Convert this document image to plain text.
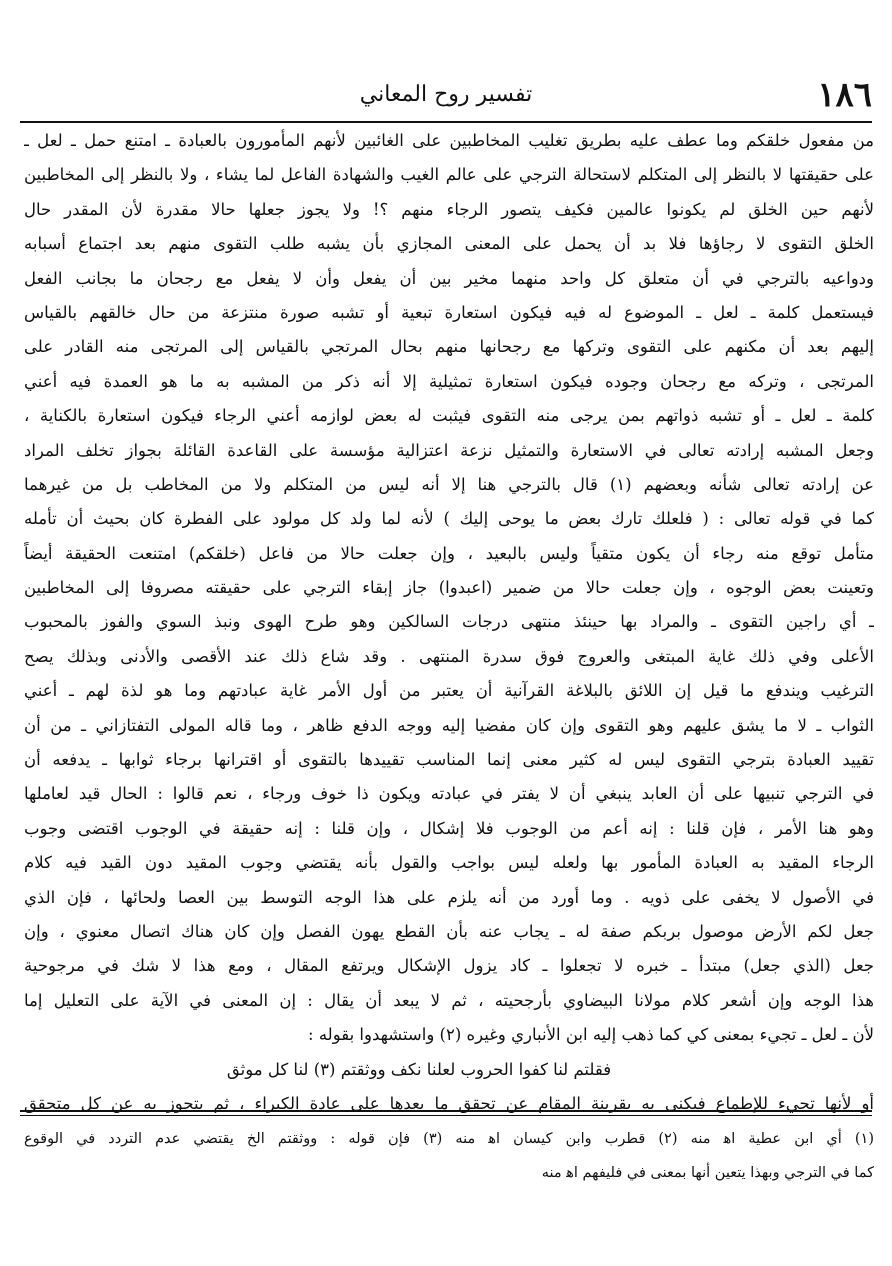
١٨٦
تفسير روح المعاني
من مفعول خلقكم وما عطف عليه بطريق تغليب المخاطبين على الغائبين لأنهم المأمورون بالعبادة ـ امتنع حمل ـ لعل ـ
على حقيقتها لا بالنظر إلى المتكلم لاستحالة الترجي على عالم الغيب والشهادة الفاعل لما يشاء ، ولا بالنظر إلى المخاطبين
لأنهم حين الخلق لم يكونوا عالمين فكيف يتصور الرجاء منهم ؟! ولا يجوز جعلها حالا مقدرة لأن المقدر حال
الخلق التقوى لا رجاؤها فلا بد أن يحمل على المعنى المجازي بأن يشبه طلب التقوى منهم بعد اجتماع أسبابه
ودواعيه بالترجي في أن متعلق كل واحد منهما مخير بين أن يفعل وأن لا يفعل مع رجحان ما بجانب الفعل
فيستعمل كلمة ـ لعل ـ الموضوع له فيه فيكون استعارة تبعية أو تشبه صورة منتزعة من حال خالقهم بالقياس
إليهم بعد أن مكنهم على التقوى وتركها مع رجحانها منهم بحال المرتجي بالقياس إلى المرتجى منه القادر على
المرتجى ، وتركه مع رجحان وجوده فيكون استعارة تمثيلية إلا أنه ذكر من المشبه به ما هو العمدة فيه أعني
كلمة ـ لعل ـ أو تشبه ذواتهم بمن يرجى منه التقوى فيثبت له بعض لوازمه أعني الرجاء فيكون استعارة بالكناية ،
وجعل المشبه إرادته تعالى في الاستعارة والتمثيل نزعة اعتزالية مؤسسة على القاعدة القائلة بجواز تخلف المراد
عن إرادته تعالى شأنه وبعضهم (١) قال بالترجي هنا إلا أنه ليس من المتكلم ولا من المخاطب بل من غيرهما
كما في قوله تعالى : ( فلعلك تارك بعض ما يوحى إليك ) لأنه لما ولد كل مولود على الفطرة كان بحيث أن تأمله
متأمل توقع منه رجاء أن يكون متقياً وليس بالبعيد ، وإن جعلت حالا من فاعل (خلقكم) امتنعت الحقيقة أيضاً
وتعينت بعض الوجوه ، وإن جعلت حالا من ضمير (اعبدوا) جاز إبقاء الترجي على حقيقته مصروفا إلى المخاطبين
ـ أي راجين التقوى ـ والمراد بها حينئذ منتهى درجات السالكين وهو طرح الهوى ونبذ السوي والفوز بالمحبوب
الأعلى وفي ذلك غاية المبتغى والعروج فوق سدرة المنتهى . وقد شاع ذلك عند الأقصى والأدنى وبذلك يصح
الترغيب ويندفع ما قيل إن اللائق بالبلاغة القرآنية أن يعتبر من أول الأمر غاية عبادتهم وما هو لذة لهم ـ أعني
الثواب ـ لا ما يشق عليهم وهو التقوى وإن كان مفضيا إليه ووجه الدفع ظاهر ، وما قاله المولى التفتازاني ـ من أن
تقييد العبادة بترجي التقوى ليس له كثير معنى إنما المناسب تقييدها بالتقوى أو اقترانها برجاء ثوابها ـ يدفعه أن
في الترجي تنبيها على أن العابد ينبغي أن لا يفتر في عبادته ويكون ذا خوف ورجاء ، نعم قالوا : الحال قيد لعاملها
وهو هنا الأمر ، فإن قلنا : إنه أعم من الوجوب فلا إشكال ، وإن قلنا : إنه حقيقة في الوجوب اقتضى وجوب
الرجاء المقيد به العبادة المأمور بها ولعله ليس بواجب والقول بأنه يقتضي وجوب المقيد دون القيد فيه كلام
في الأصول لا يخفى على ذويه . وما أورد من أنه يلزم على هذا الوجه التوسط بين العصا ولحائها ، فإن الذي
جعل لكم الأرض موصول بربكم صفة له ـ يجاب عنه بأن القطع يهون الفصل وإن كان هناك اتصال معنوي ، وإن
جعل (الذي جعل) مبتدأ ـ خبره لا تجعلوا ـ كاد يزول الإشكال ويرتفع المقال ، ومع هذا لا شك في مرجوحية
هذا الوجه وإن أشعر كلام مولانا البيضاوي بأرجحيته ، ثم لا يبعد أن يقال : إن المعنى في الآية على التعليل إما
لأن ـ لعل ـ تجيء بمعنى كي كما ذهب إليه ابن الأنباري وغيره (٢) واستشهدوا بقوله :
فقلتم لنا كفوا الحروب لعلنا نكف ووثقتم (٣) لنا كل موثق
أو لأنها تجيء للإطماع فيكنى به بقرينة المقام عن تحقق ما بعدها على عادة الكبراء ، ثم يتجوز به عن كل متحقق
(١) أي ابن عطية اه‍ منه (٢) قطرب وابن كيسان اه‍ منه (٣) فإن قوله : ووثقتم الخ يقتضي عدم التردد في الوقوع
كما في الترجي وبهذا يتعين أنها بمعنى في فليفهم اه‍ منه
